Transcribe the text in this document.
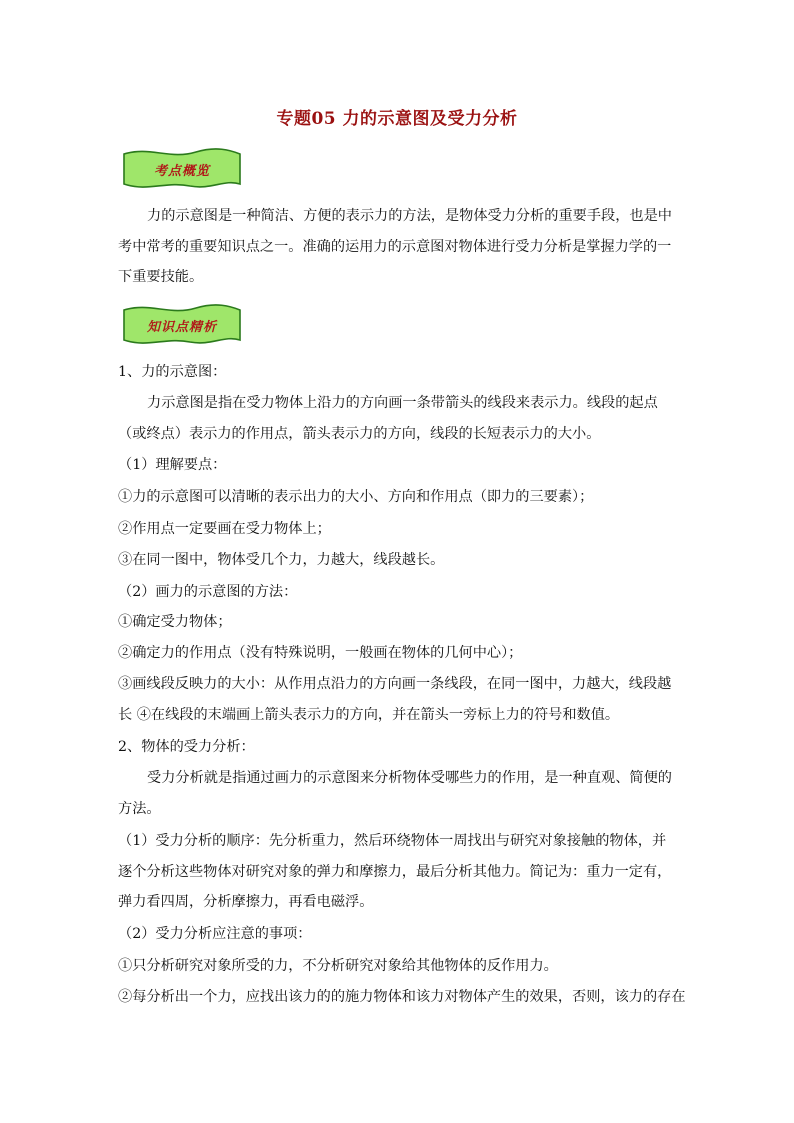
专题05 力的示意图及受力分析
考点概览

力的示意图是一种简洁、方便的表示力的方法，是物体受力分析的重要手段，也是中考中常考的重要知识点之一。准确的运用力的示意图对物体进行受力分析是掌握力学的一下重要技能。

知识点精析

1、力的示意图：

力示意图是指在受力物体上沿力的方向画一条带箭头的线段来表示力。线段的起点（或终点）表示力的作用点，箭头表示力的方向，线段的长短表示力的大小。

（1）理解要点：

①力的示意图可以清晰的表示出力的大小、方向和作用点（即力的三要素）；

②作用点一定要画在受力物体上；

③在同一图中，物体受几个力，力越大，线段越长。

（2）画力的示意图的方法：

①确定受力物体；

②确定力的作用点（没有特殊说明，一般画在物体的几何中心）；

③画线段反映力的大小：从作用点沿力的方向画一条线段，在同一图中，力越大，线段越长 ④在线段的末端画上箭头表示力的方向，并在箭头一旁标上力的符号和数值。

2、物体的受力分析：

受力分析就是指通过画力的示意图来分析物体受哪些力的作用，是一种直观、简便的方法。

（1）受力分析的顺序：先分析重力，然后环绕物体一周找出与研究对象接触的物体，并逐个分析这些物体对研究对象的弹力和摩擦力，最后分析其他力。简记为：重力一定有，弹力看四周，分析摩擦力，再看电磁浮。

（2）受力分析应注意的事项：

①只分析研究对象所受的力，不分析研究对象给其他物体的反作用力。

②每分析出一个力，应找出该力的的施力物体和该力对物体产生的效果，否则，该力的存在
